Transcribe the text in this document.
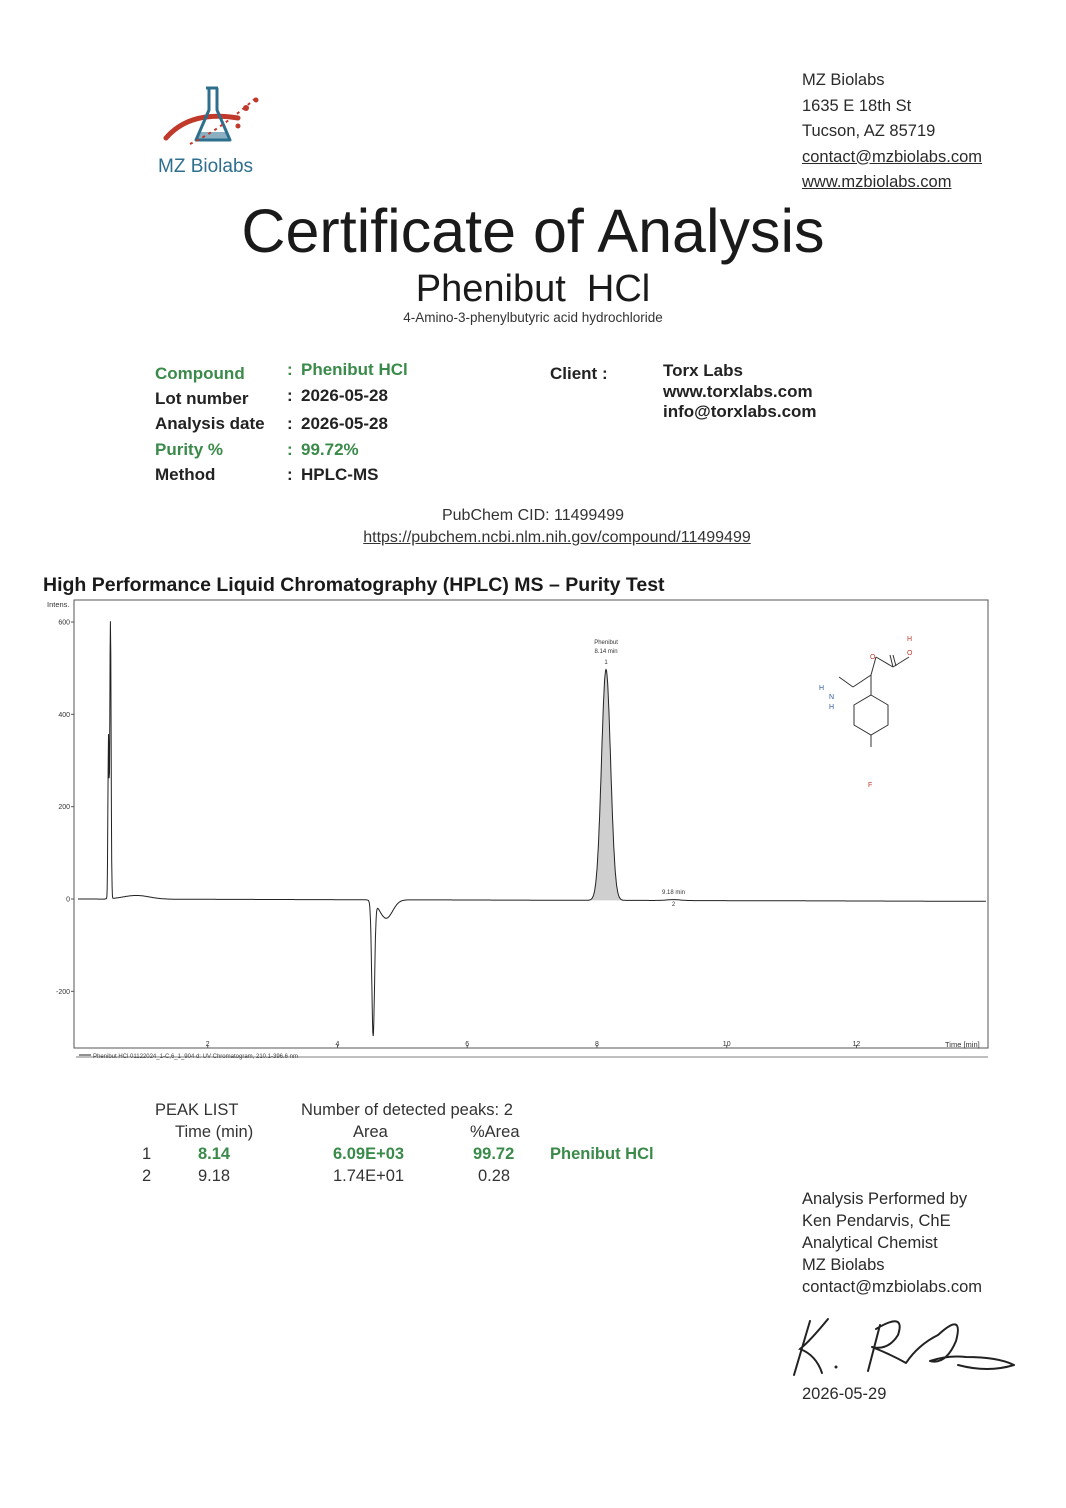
MZ Biolabs
MZ Biolabs
1635 E 18th St
Tucson, AZ 85719
contact@mzbiolabs.com
www.mzbiolabs.com
Certificate of Analysis
Phenibut  HCl
4-Amino-3-phenylbutyric acid hydrochloride
Compound : Phenibut HCl
Lot number : 2026-05-28
Analysis date : 2026-05-28
Purity %	: 99.72%
Method	: HPLC-MS
Client :	Torx Labs
www.torxlabs.com
info@torxlabs.com
PubChem CID: 11499499
https://pubchem.ncbi.nlm.nih.gov/compound/11499499
High Performance Liquid Chromatography (HPLC) MS – Purity Test
Intens.
Time [min]
600
400
200
0
-200
2	4	6	8	10	12
Phenibut
8.14 min
1
9.18 min
2
Phenibut HCl 01122024_1-C,6_1_904 d: UV Chromatogram, 210.1-396.6 nm
H
O
O
H
N
H
F
PEAK LIST	Number of detected peaks: 2
Time (min)	Area	%Area
1	8.14	6.09E+03	99.72 Phenibut HCl
2	9.18	1.74E+01	0.28
Analysis Performed by
Ken Pendarvis, ChE
Analytical Chemist
MZ Biolabs
contact@mzbiolabs.com
2026-05-29
